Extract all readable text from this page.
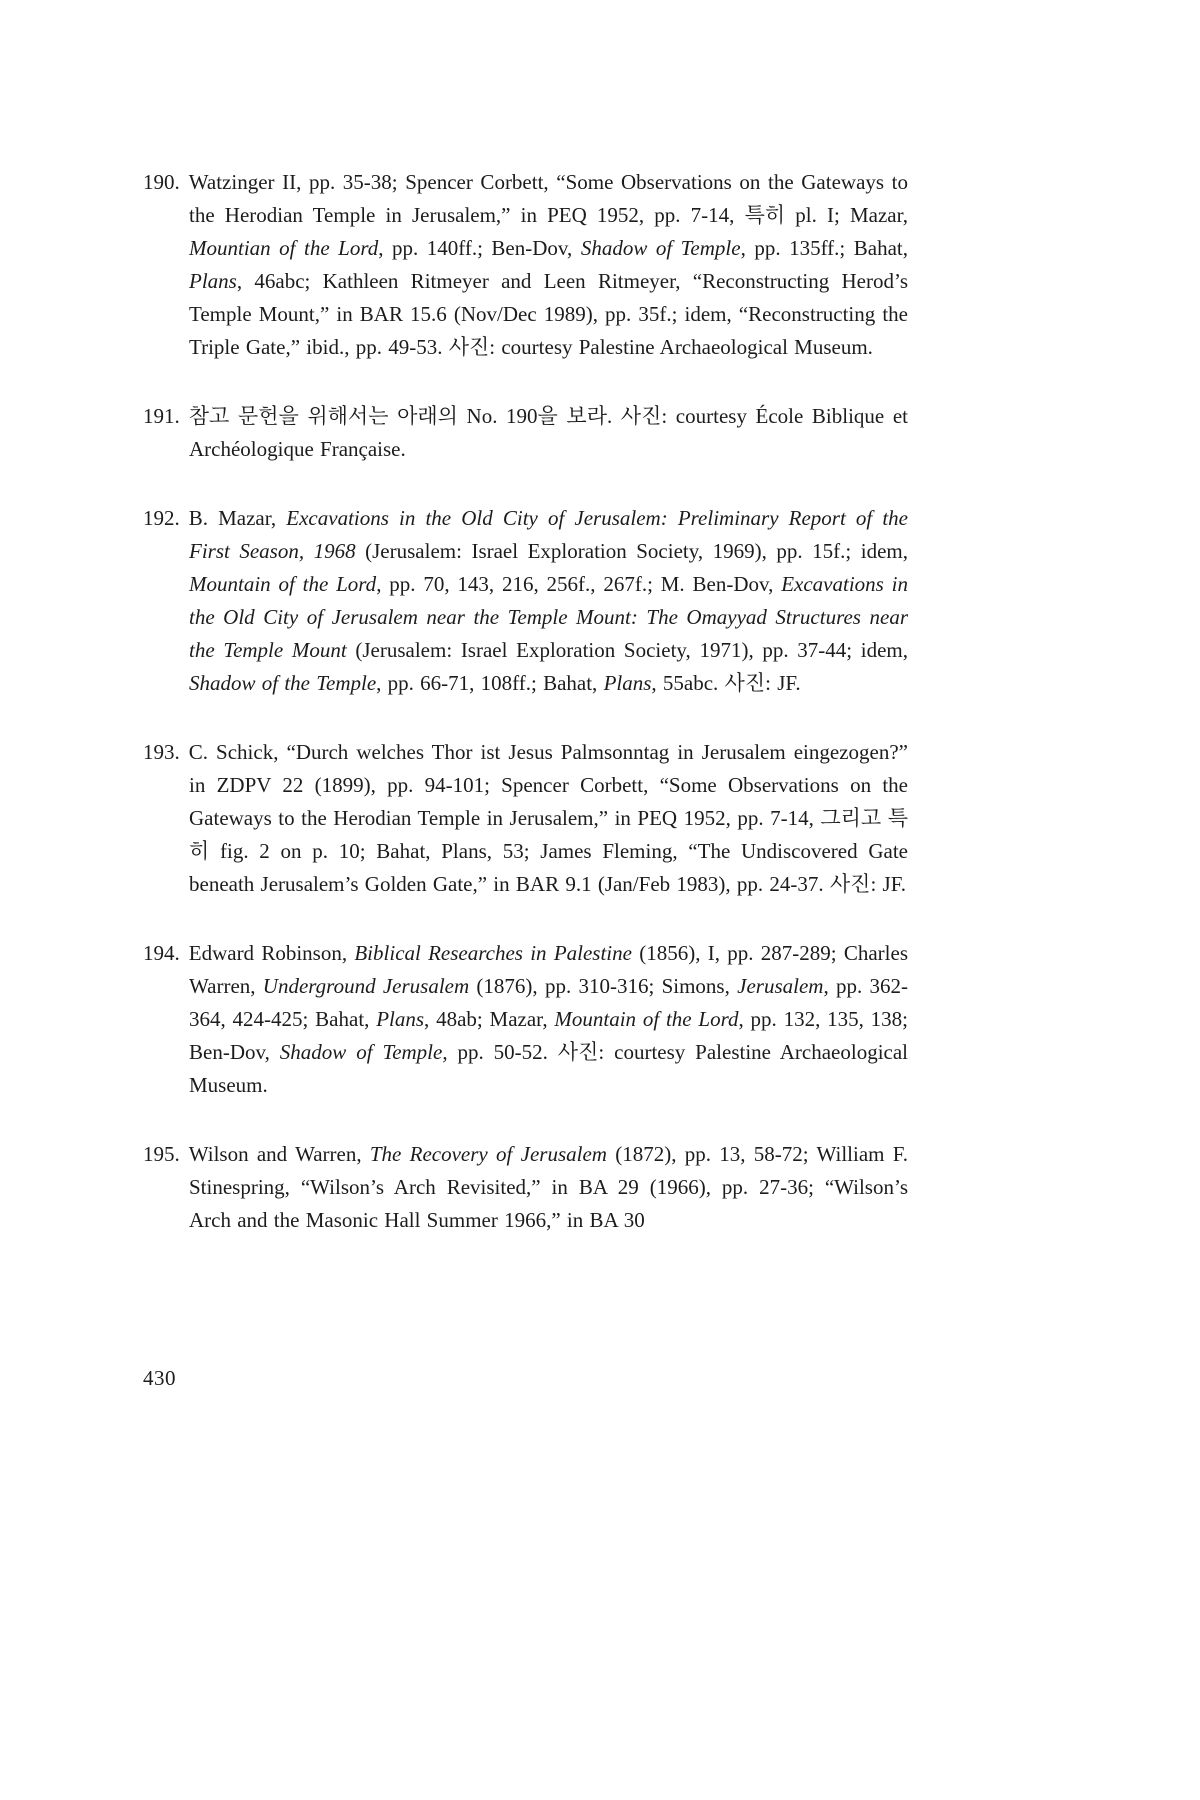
190. Watzinger II, pp. 35-38; Spencer Corbett, “Some Observations on the Gateways to the Herodian Temple in Jerusalem,” in PEQ 1952, pp. 7-14, 특히 pl. I; Mazar, Mountian of the Lord, pp. 140ff.; Ben-Dov, Shadow of Temple, pp. 135ff.; Bahat, Plans, 46abc; Kathleen Ritmeyer and Leen Ritmeyer, “Reconstructing Herod’s Temple Mount,” in BAR 15.6 (Nov/Dec 1989), pp. 35f.; idem, “Reconstructing the Triple Gate,” ibid., pp. 49-53. 사진: courtesy Palestine Archaeological Museum.

191. 참고 문헌을 위해서는 아래의 No. 190을 보라. 사진: courtesy École Biblique et Archéologique Française.

192. B. Mazar, Excavations in the Old City of Jerusalem: Preliminary Report of the First Season, 1968 (Jerusalem: Israel Exploration Society, 1969), pp. 15f.; idem, Mountain of the Lord, pp. 70, 143, 216, 256f., 267f.; M. Ben-Dov, Excavations in the Old City of Jerusalem near the Temple Mount: The Omayyad Structures near the Temple Mount (Jerusalem: Israel Exploration Society, 1971), pp. 37-44; idem, Shadow of the Temple, pp. 66-71, 108ff.; Bahat, Plans, 55abc. 사진: JF.

193. C. Schick, “Durch welches Thor ist Jesus Palmsonntag in Jerusalem eingezogen?” in ZDPV 22 (1899), pp. 94-101; Spencer Corbett, “Some Observations on the Gateways to the Herodian Temple in Jerusalem,” in PEQ 1952, pp. 7-14, 그리고 특히 fig. 2 on p. 10; Bahat, Plans, 53; James Fleming, “The Undiscovered Gate beneath Jerusalem’s Golden Gate,” in BAR 9.1 (Jan/Feb 1983), pp. 24-37. 사진: JF.

194. Edward Robinson, Biblical Researches in Palestine (1856), I, pp. 287-289; Charles Warren, Underground Jerusalem (1876), pp. 310-316; Simons, Jerusalem, pp. 362-364, 424-425; Bahat, Plans, 48ab; Mazar, Mountain of the Lord, pp. 132, 135, 138; Ben-Dov, Shadow of Temple, pp. 50-52. 사진: courtesy Palestine Archaeological Museum.

195. Wilson and Warren, The Recovery of Jerusalem (1872), pp. 13, 58-72; William F. Stinespring, “Wilson’s Arch Revisited,” in BA 29 (1966), pp. 27-36; “Wilson’s Arch and the Masonic Hall Summer 1966,” in BA 30

430
